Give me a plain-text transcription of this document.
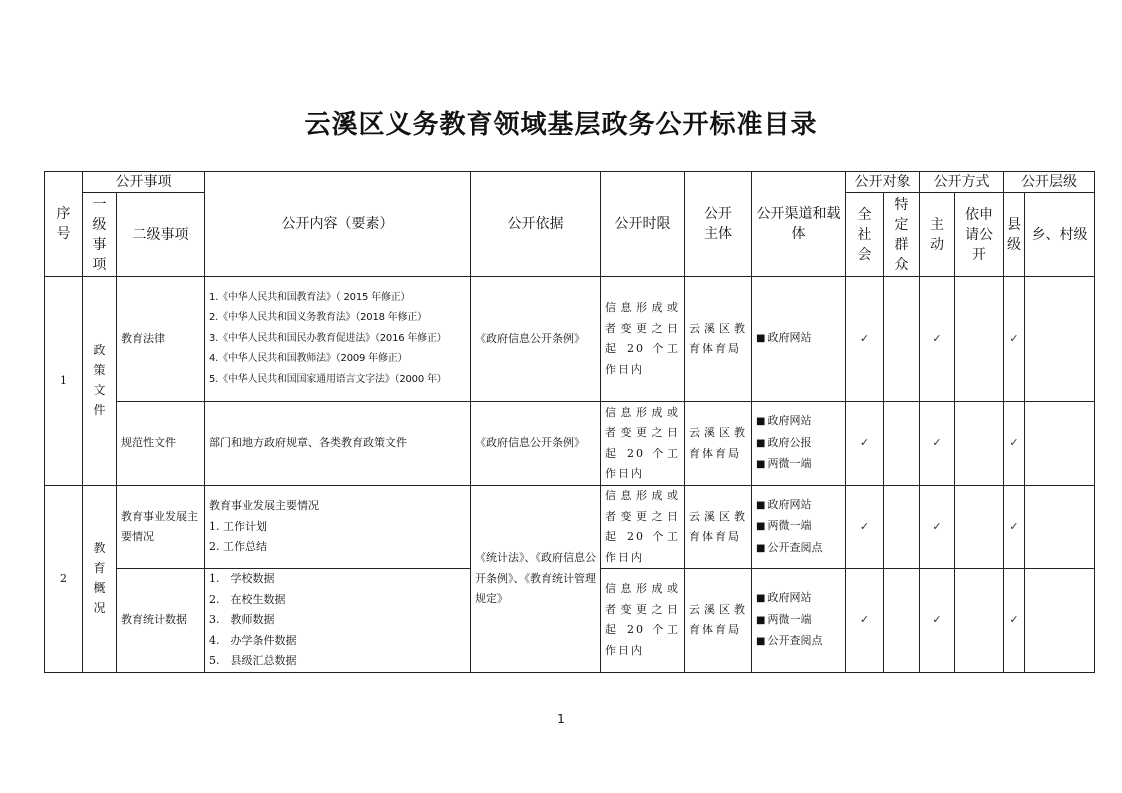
云溪区义务教育领域基层政务公开标准目录
序号	公开事项		公开内容（要素）	公开依据	公开时限	公开主体	公开渠道和载体	公开对象		公开方式		公开层级	
	一级事项	二级事项						全社会	特定群众	主动	依申请公开	县级	乡、村级
1	政策文件	教育法律	1.《中华人民共和国教育法》（ 2015 年修正）
2.《中华人民共和国义务教育法》（2018 年修正）
3.《中华人民共和国民办教育促进法》（2016 年修正）
4.《中华人民共和国教师法》（2009 年修正）
5.《中华人民共和国国家通用语言文字法》（2000 年）	《政府信息公开条例》	信息形成或者变更之日起 20 个工作日内	云溪区教育体育局	■ 政府网站	✓		✓		✓	
		规范性文件	部门和地方政府规章、各类教育政策文件	《政府信息公开条例》	信息形成或者变更之日起 20 个工作日内	云溪区教育体育局	■ 政府网站
■ 政府公报
■ 两微一端	✓		✓		✓	
2	教育概况	教育事业发展主要情况	教育事业发展主要情况
1. 工作计划
2. 工作总结	《统计法》、《政府信息公开条例》、《教育统计管理规定》	信息形成或者变更之日起 20 个工作日内	云溪区教育体育局	■ 政府网站
■ 两微一端
■ 公开查阅点	✓		✓		✓	
		教育统计数据	1.　学校数据
2.　在校生数据
3.　教师数据
4.　办学条件数据
5.　县级汇总数据		信息形成或者变更之日起 20 个工作日内	云溪区教育体育局	■ 政府网站
■ 两微一端
■ 公开查阅点	✓		✓		✓	
1
